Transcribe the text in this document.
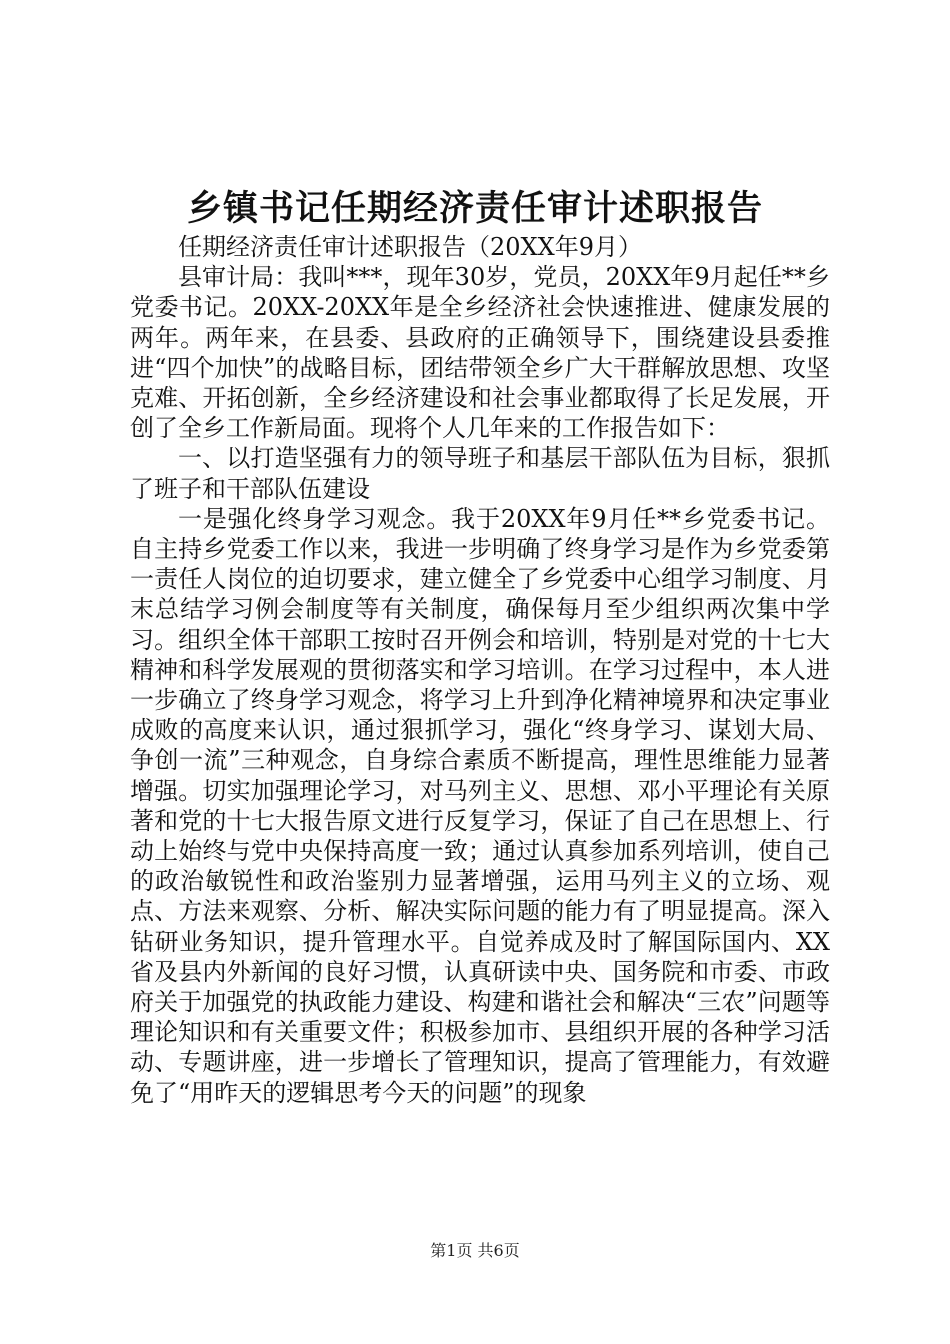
乡镇书记任期经济责任审计述职报告

任期经济责任审计述职报告（20XX年9月）

县审计局：我叫***，现年30岁，党员，20XX年9月起任**乡党委书记。20XX-20XX年是全乡经济社会快速推进、健康发展的两年。两年来，在县委、县政府的正确领导下，围绕建设县委推进“四个加快”的战略目标，团结带领全乡广大干群解放思想、攻坚克难、开拓创新，全乡经济建设和社会事业都取得了长足发展，开创了全乡工作新局面。现将个人几年来的工作报告如下：

一、以打造坚强有力的领导班子和基层干部队伍为目标，狠抓了班子和干部队伍建设

一是强化终身学习观念。我于20XX年9月任**乡党委书记。自主持乡党委工作以来，我进一步明确了终身学习是作为乡党委第一责任人岗位的迫切要求，建立健全了乡党委中心组学习制度、月末总结学习例会制度等有关制度，确保每月至少组织两次集中学习。组织全体干部职工按时召开例会和培训，特别是对党的十七大精神和科学发展观的贯彻落实和学习培训。在学习过程中，本人进一步确立了终身学习观念，将学习上升到净化精神境界和决定事业成败的高度来认识，通过狠抓学习，强化“终身学习、谋划大局、争创一流”三种观念，自身综合素质不断提高，理性思维能力显著增强。切实加强理论学习，对马列主义、思想、邓小平理论有关原著和党的十七大报告原文进行反复学习，保证了自己在思想上、行动上始终与党中央保持高度一致；通过认真参加系列培训，使自己的政治敏锐性和政治鉴别力显著增强，运用马列主义的立场、观点、方法来观察、分析、解决实际问题的能力有了明显提高。深入钻研业务知识，提升管理水平。自觉养成及时了解国际国内、XX省及县内外新闻的良好习惯，认真研读中央、国务院和市委、市政府关于加强党的执政能力建设、构建和谐社会和解决“三农”问题等理论知识和有关重要文件；积极参加市、县组织开展的各种学习活动、专题讲座，进一步增长了管理知识，提高了管理能力，有效避免了“用昨天的逻辑思考今天的问题”的现象

第1页 共6页
